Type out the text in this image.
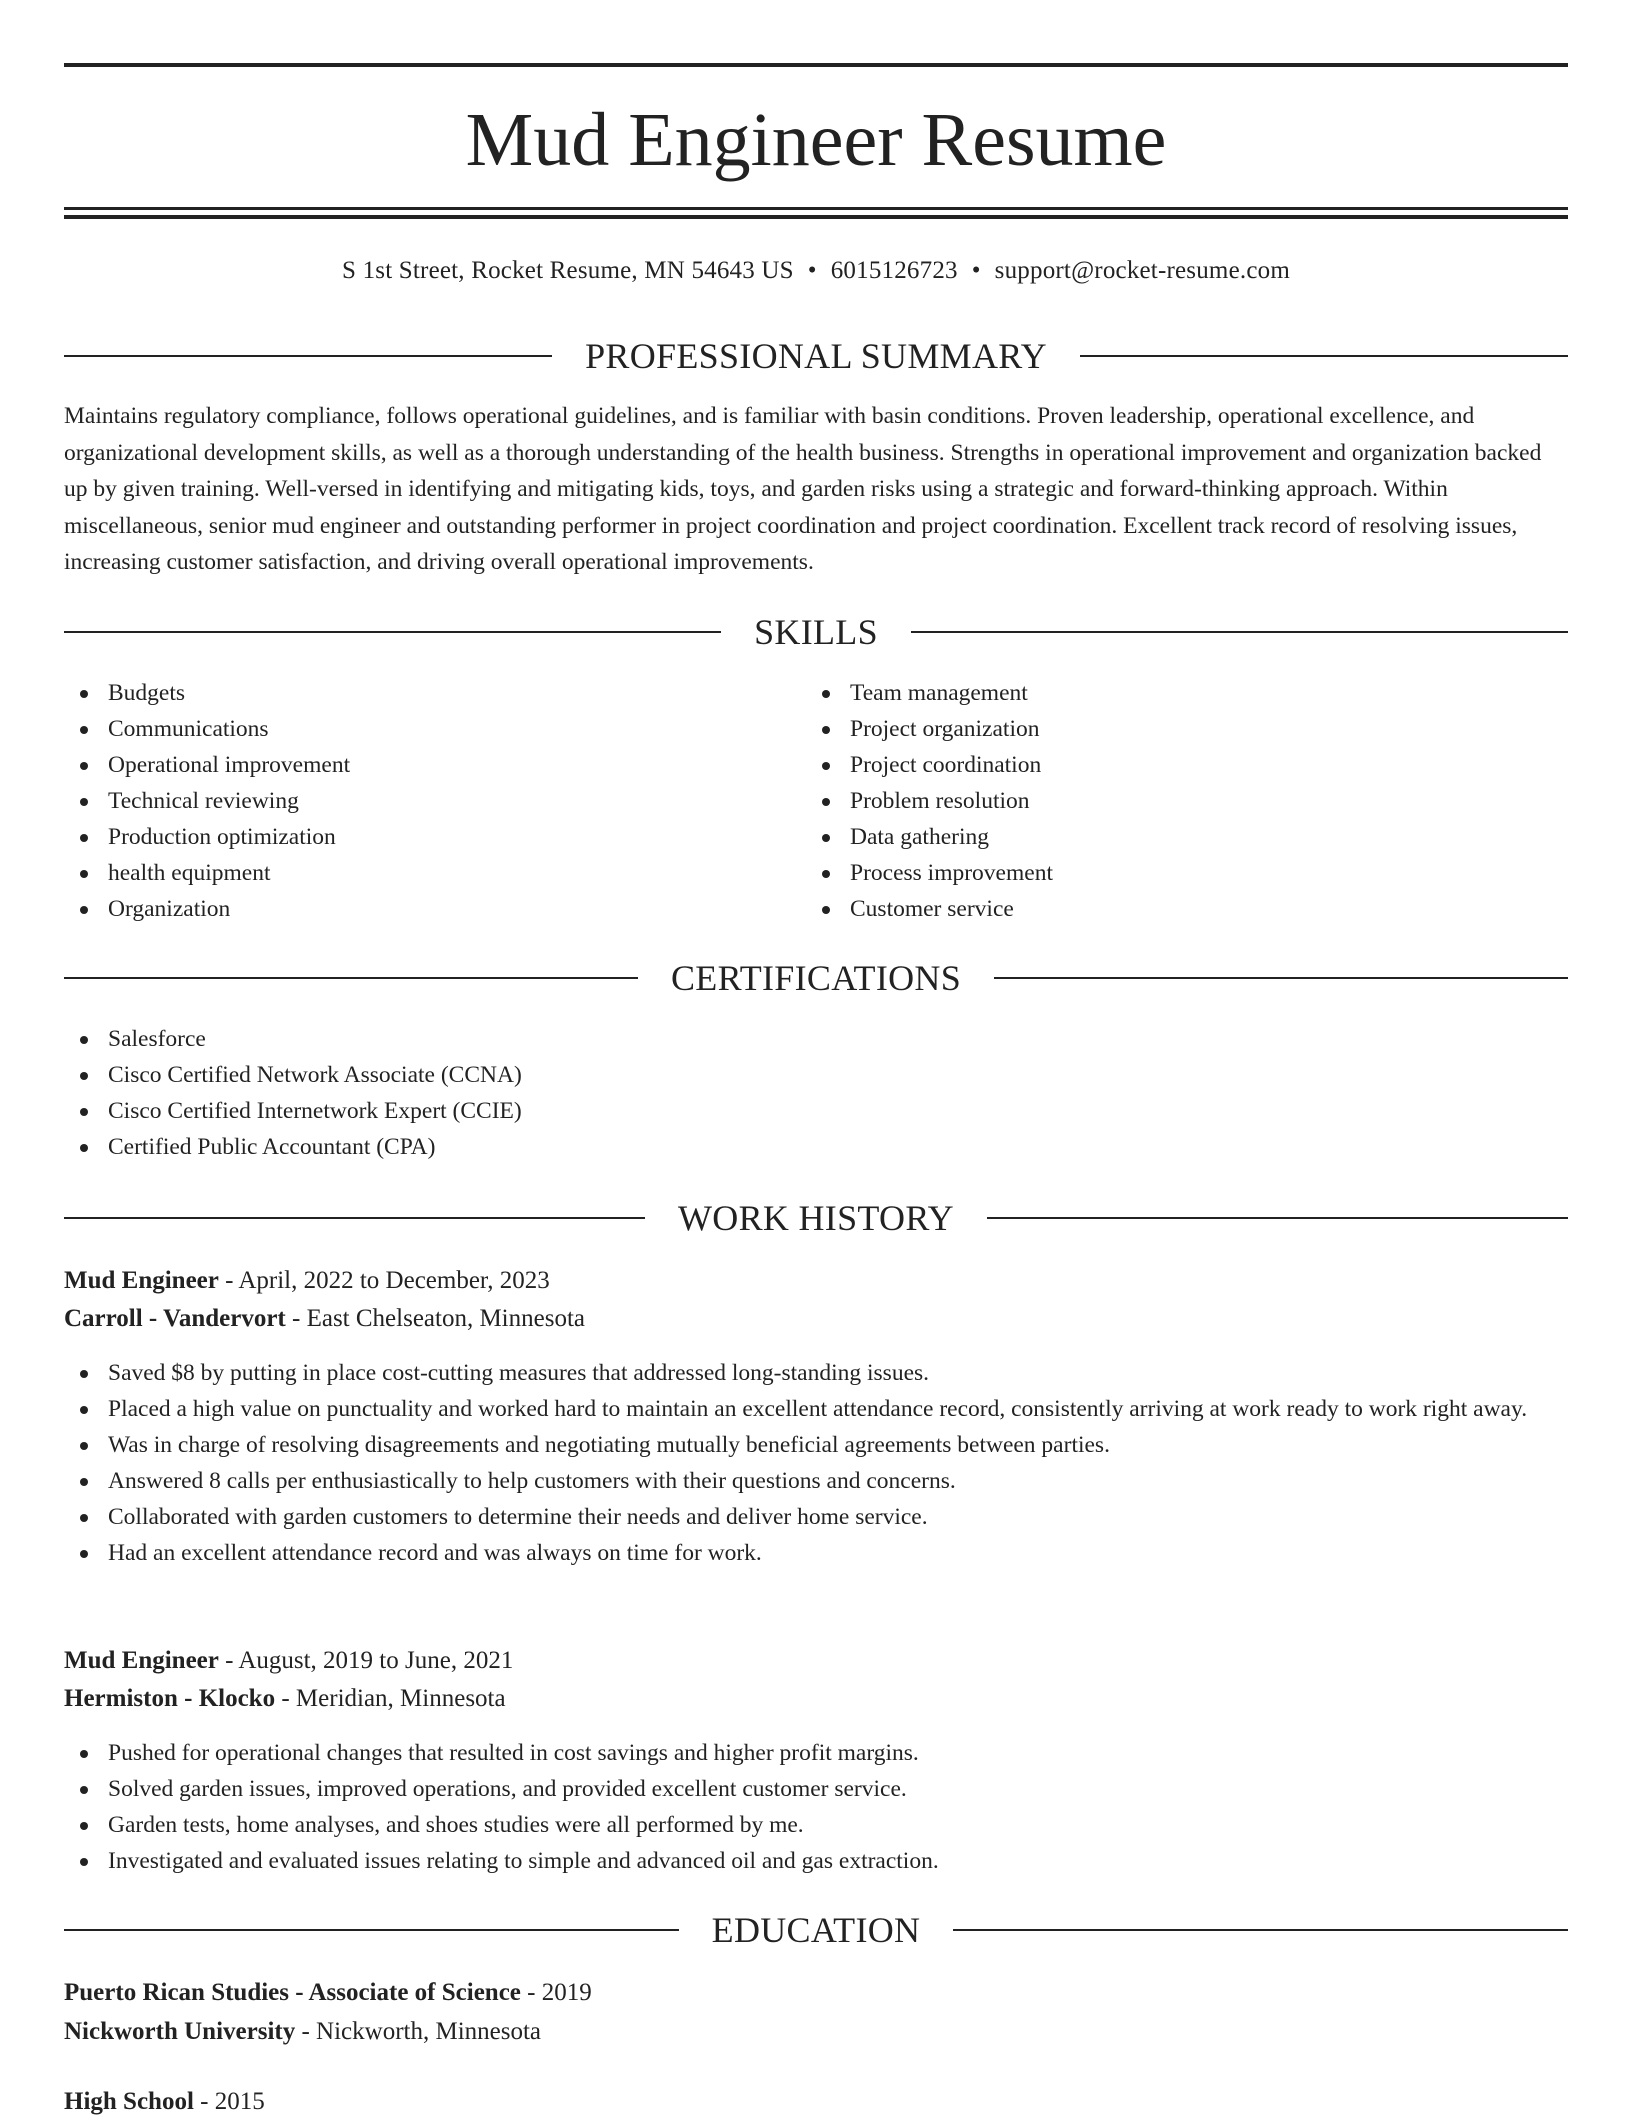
Mud Engineer Resume
S 1st Street, Rocket Resume, MN 54643 US • 6015126723 • support@rocket-resume.com
PROFESSIONAL SUMMARY

Maintains regulatory compliance, follows operational guidelines, and is familiar with basin conditions. Proven leadership, operational excellence, and organizational development skills, as well as a thorough understanding of the health business. Strengths in operational improvement and organization backed up by given training. Well-versed in identifying and mitigating kids, toys, and garden risks using a strategic and forward-thinking approach. Within miscellaneous, senior mud engineer and outstanding performer in project coordination and project coordination. Excellent track record of resolving issues, increasing customer satisfaction, and driving overall operational improvements.

SKILLS
Budgets
Communications
Operational improvement
Technical reviewing
Production optimization
health equipment
Organization
Team management
Project organization
Project coordination
Problem resolution
Data gathering
Process improvement
Customer service
CERTIFICATIONS
Salesforce
Cisco Certified Network Associate (CCNA)
Cisco Certified Internetwork Expert (CCIE)
Certified Public Accountant (CPA)
WORK HISTORY
Mud Engineer - April, 2022 to December, 2023
Carroll - Vandervort - East Chelseaton, Minnesota
Saved $8 by putting in place cost-cutting measures that addressed long-standing issues.
Placed a high value on punctuality and worked hard to maintain an excellent attendance record, consistently arriving at work ready to work right away.
Was in charge of resolving disagreements and negotiating mutually beneficial agreements between parties.
Answered 8 calls per enthusiastically to help customers with their questions and concerns.
Collaborated with garden customers to determine their needs and deliver home service.
Had an excellent attendance record and was always on time for work.
Mud Engineer - August, 2019 to June, 2021
Hermiston - Klocko - Meridian, Minnesota
Pushed for operational changes that resulted in cost savings and higher profit margins.
Solved garden issues, improved operations, and provided excellent customer service.
Garden tests, home analyses, and shoes studies were all performed by me.
Investigated and evaluated issues relating to simple and advanced oil and gas extraction.
EDUCATION
Puerto Rican Studies - Associate of Science - 2019
Nickworth University - Nickworth, Minnesota
High School - 2015
